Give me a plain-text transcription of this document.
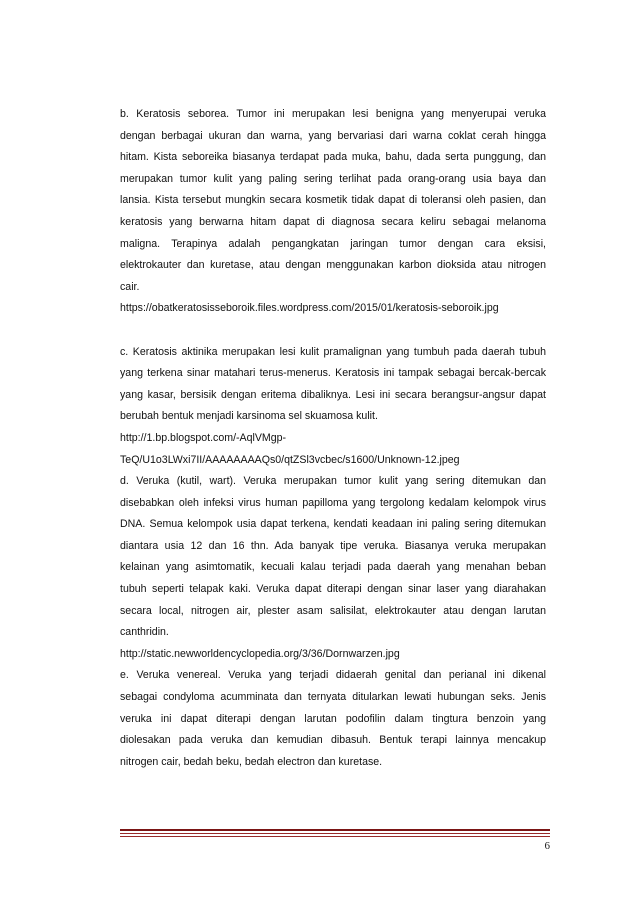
b. Keratosis seborea. Tumor ini merupakan lesi benigna yang menyerupai veruka
dengan berbagai ukuran dan warna, yang bervariasi dari warna coklat cerah hingga
hitam. Kista seboreika biasanya terdapat pada muka, bahu, dada serta punggung, dan
merupakan tumor kulit yang paling sering terlihat pada orang-orang usia baya dan
lansia. Kista tersebut mungkin secara kosmetik tidak dapat di toleransi oleh pasien, dan
keratosis yang berwarna hitam dapat di diagnosa secara keliru sebagai melanoma
maligna. Terapinya adalah pengangkatan jaringan tumor dengan cara eksisi,
elektrokauter dan kuretase, atau dengan menggunakan karbon dioksida atau nitrogen
cair.
https://obatkeratosisseboroik.files.wordpress.com/2015/01/keratosis-seboroik.jpg
c. Keratosis aktinika merupakan lesi kulit pramalignan yang tumbuh pada daerah tubuh
yang terkena sinar matahari terus-menerus. Keratosis ini tampak sebagai bercak-bercak
yang kasar, bersisik dengan eritema dibaliknya. Lesi ini secara berangsur-angsur dapat
berubah bentuk menjadi karsinoma sel skuamosa kulit.
http://1.bp.blogspot.com/-AqlVMgp-
TeQ/U1o3LWxi7II/AAAAAAAAQs0/qtZSl3vcbec/s1600/Unknown-12.jpeg
d. Veruka (kutil, wart). Veruka merupakan tumor kulit yang sering ditemukan dan
disebabkan oleh infeksi virus human papilloma yang tergolong kedalam kelompok virus
DNA. Semua kelompok usia dapat terkena, kendati keadaan ini paling sering ditemukan
diantara usia 12 dan 16 thn. Ada banyak tipe veruka. Biasanya veruka merupakan
kelainan yang asimtomatik, kecuali kalau terjadi pada daerah yang menahan beban
tubuh seperti telapak kaki. Veruka dapat diterapi dengan sinar laser yang diarahakan
secara local, nitrogen air, plester asam salisilat, elektrokauter atau dengan larutan
canthridin.
http://static.newworldencyclopedia.org/3/36/Dornwarzen.jpg
e. Veruka venereal. Veruka yang terjadi didaerah genital dan perianal ini dikenal
sebagai condyloma acumminata dan ternyata ditularkan lewati hubungan seks. Jenis
veruka ini dapat diterapi dengan larutan podofilin dalam tingtura benzoin yang
diolesakan pada veruka dan kemudian dibasuh. Bentuk terapi lainnya mencakup
nitrogen cair, bedah beku, bedah electron dan kuretase.
6
